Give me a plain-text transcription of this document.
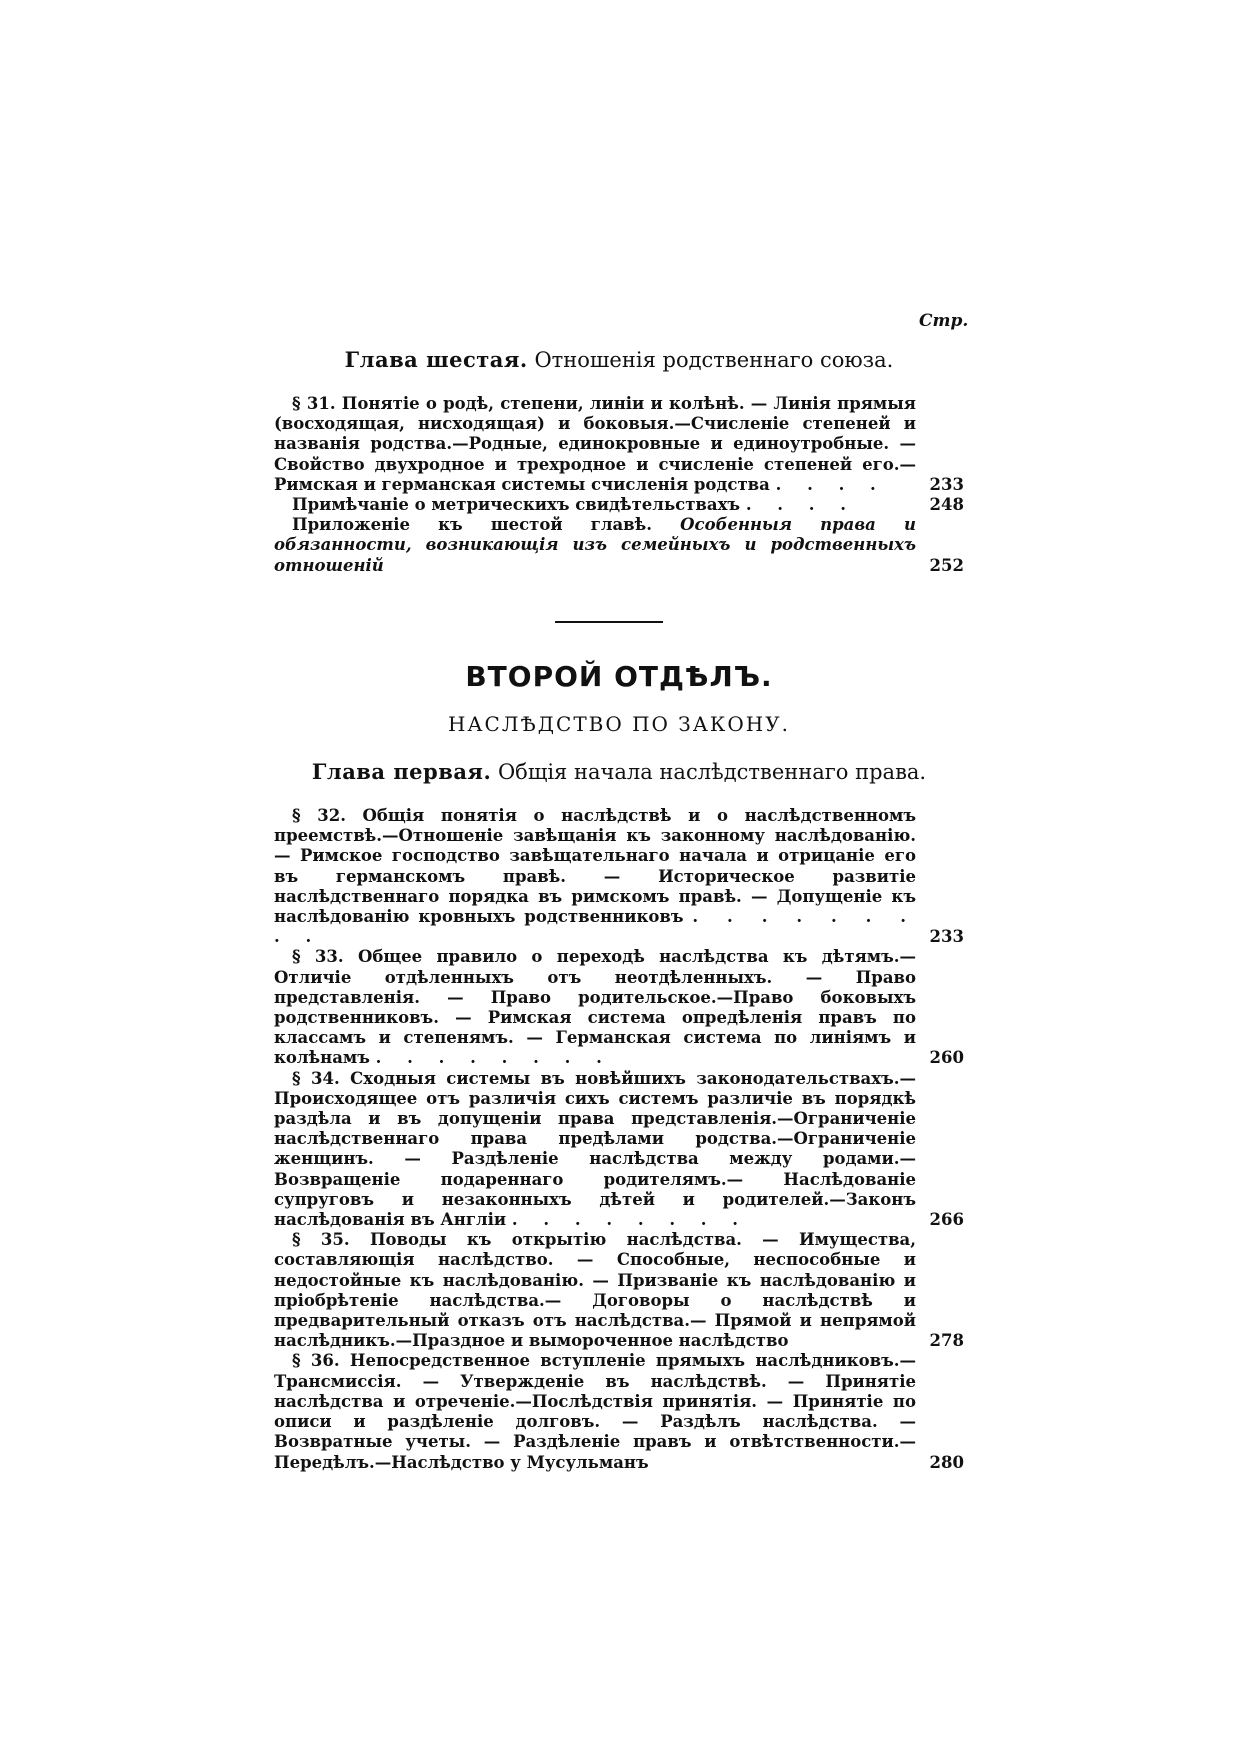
Стр.
Глава шестая. Отношенія родственнаго союза.
§ 31. Понятіе о родѣ, степени, линіи и колѣнѣ. — Линія прямыя (восходящая, нисходящая) и боковыя.—Счисленіе степеней и названія родства.—Родные, единокровные и единоутробные. — Свойство двухродное и трехродное и счисленіе степеней его.—Римская и германская системы счисленія родства . . . .	233
Примѣчаніе о метрическихъ свидѣтельствахъ . . . .	248
Приложеніе къ шестой главѣ. Особенныя права и обязанности, возникающія изъ семейныхъ и родственныхъ отношеній	252
ВТОРОЙ ОТДѢЛЪ.
НАСЛѢДСТВО ПО ЗАКОНУ.
Глава первая. Общія начала наслѣдственнаго права.
§ 32. Общія понятія о наслѣдствѣ и о наслѣдственномъ преемствѣ.—Отношеніе завѣщанія къ законному наслѣдованію. — Римское господство завѣщательнаго начала и отрицаніе его въ германскомъ правѣ. — Историческое развитіе наслѣдственнаго порядка въ римскомъ правѣ. — Допущеніе къ наслѣдованію кровныхъ родственниковъ . . . . . . . . .	233
§ 33. Общее правило о переходѣ наслѣдства къ дѣтямъ.—Отличіе отдѣленныхъ отъ неотдѣленныхъ. — Право представленія. — Право родительское.—Право боковыхъ родственниковъ. — Римская система опредѣленія правъ по классамъ и степенямъ. — Германская система по линіямъ и колѣнамъ . . . . . . . .	260
§ 34. Сходныя системы въ новѣйшихъ законодательствахъ.—Происходящее отъ различія сихъ системъ различіе въ порядкѣ раздѣла и въ допущеніи права представленія.—Ограниченіе наслѣдственнаго права предѣлами родства.—Ограниченіе женщинъ. — Раздѣленіе наслѣдства между родами.—Возвращеніе подареннаго родителямъ.— Наслѣдованіе супруговъ и незаконныхъ дѣтей и родителей.—Законъ наслѣдованія въ Англіи . . . . . . . .	266
§ 35. Поводы къ открытію наслѣдства. — Имущества, составляющія наслѣдство. — Способные, неспособные и недостойные къ наслѣдованію. — Призваніе къ наслѣдованію и пріобрѣтеніе наслѣдства.— Договоры о наслѣдствѣ и предварительный отказъ отъ наслѣдства.— Прямой и непрямой наслѣдникъ.—Праздное и вымороченное наслѣдство	278
§ 36. Непосредственное вступленіе прямыхъ наслѣдниковъ.—Трансмиссія. — Утвержденіе въ наслѣдствѣ. — Принятіе наслѣдства и отреченіе.—Послѣдствія принятія. — Принятіе по описи и раздѣленіе долговъ. — Раздѣлъ наслѣдства. — Возвратные учеты. — Раздѣленіе правъ и отвѣтственности.—Передѣлъ.—Наслѣдство у Мусульманъ	280
